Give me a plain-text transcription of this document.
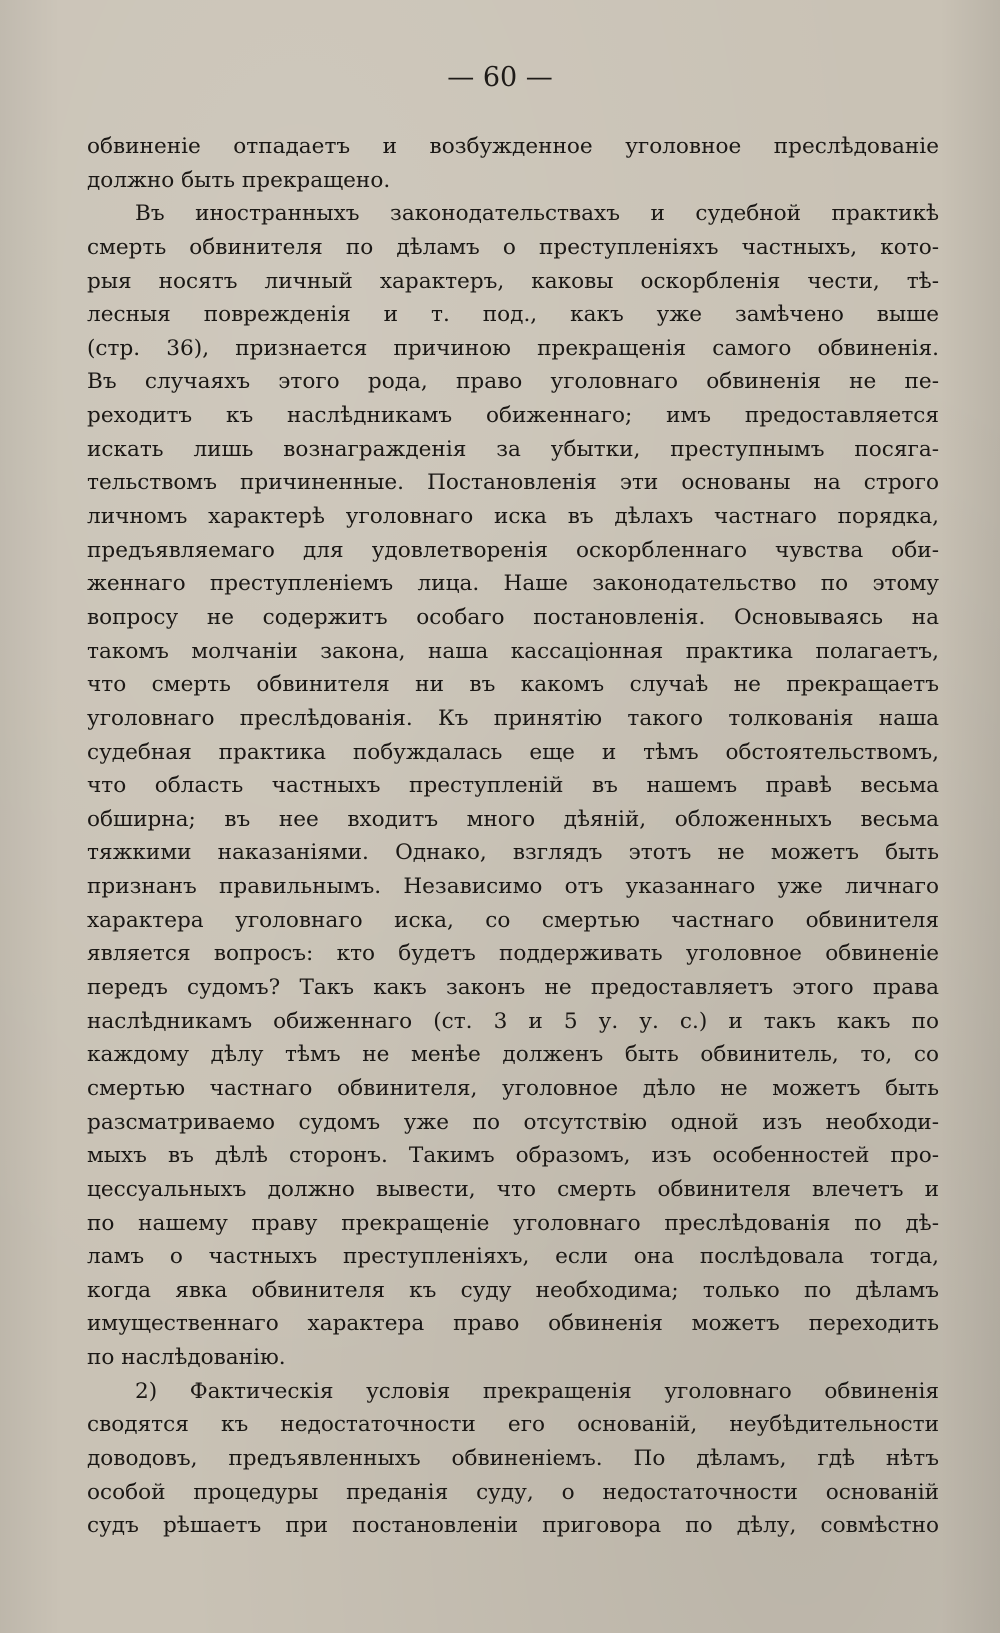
— 60 —
обвиненіе отпадаетъ и возбужденное уголовное преслѣдованіе
должно быть прекращено.
Въ иностранныхъ законодательствахъ и судебной практикѣ
смерть обвинителя по дѣламъ о преступленіяхъ частныхъ, кото-
рыя носятъ личный характеръ, каковы оскорбленія чести, тѣ-
лесныя поврежденія и т. под., какъ уже замѣчено выше
(стр. 36), признается причиною прекращенія самого обвиненія.
Въ случаяхъ этого рода, право уголовнаго обвиненія не пе-
реходитъ къ наслѣдникамъ обиженнаго; имъ предоставляется
искать лишь вознагражденія за убытки, преступнымъ посяга-
тельствомъ причиненные. Постановленія эти основаны на строго
личномъ характерѣ уголовнаго иска въ дѣлахъ частнаго порядка,
предъявляемаго для удовлетворенія оскорбленнаго чувства оби-
женнаго преступленіемъ лица. Наше законодательство по этому
вопросу не содержитъ особаго постановленія. Основываясь на
такомъ молчаніи закона, наша кассаціонная практика полагаетъ,
что смерть обвинителя ни въ какомъ случаѣ не прекращаетъ
уголовнаго преслѣдованія. Къ принятію такого толкованія наша
судебная практика побуждалась еще и тѣмъ обстоятельствомъ,
что область частныхъ преступленій въ нашемъ правѣ весьма
обширна; въ нее входитъ много дѣяній, обложенныхъ весьма
тяжкими наказаніями. Однако, взглядъ этотъ не можетъ быть
признанъ правильнымъ. Независимо отъ указаннаго уже личнаго
характера уголовнаго иска, со смертью частнаго обвинителя
является вопросъ: кто будетъ поддерживать уголовное обвиненіе
передъ судомъ? Такъ какъ законъ не предоставляетъ этого права
наслѣдникамъ обиженнаго (ст. 3 и 5 у. у. с.) и такъ какъ по
каждому дѣлу тѣмъ не менѣе долженъ быть обвинитель, то, со
смертью частнаго обвинителя, уголовное дѣло не можетъ быть
разсматриваемо судомъ уже по отсутствію одной изъ необходи-
мыхъ въ дѣлѣ сторонъ. Такимъ образомъ, изъ особенностей про-
цессуальныхъ должно вывести, что смерть обвинителя влечетъ и
по нашему праву прекращеніе уголовнаго преслѣдованія по дѣ-
ламъ о частныхъ преступленіяхъ, если она послѣдовала тогда,
когда явка обвинителя къ суду необходима; только по дѣламъ
имущественнаго характера право обвиненія можетъ переходить
по наслѣдованію.
2) Фактическія условія прекращенія уголовнаго обвиненія
сводятся къ недостаточности его основаній, неубѣдительности
доводовъ, предъявленныхъ обвиненіемъ. По дѣламъ, гдѣ нѣтъ
особой процедуры преданія суду, о недостаточности основаній
судъ рѣшаетъ при постановленіи приговора по дѣлу, совмѣстно
